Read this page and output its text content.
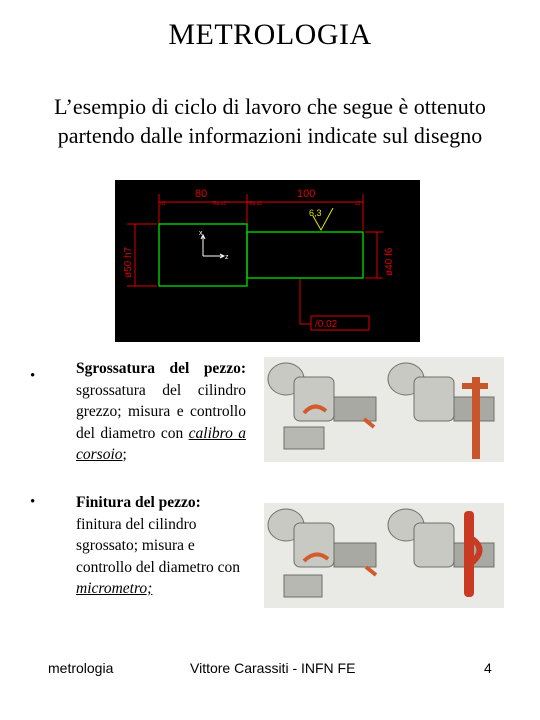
METROLOGIA
L’esempio di ciclo di lavoro che segue è ottenuto partendo dalle informazioni indicate sul disegno
x
z
6,3
80	100
a1	Ra a1	Ra a1	a1
ø50 h7	ø40 f6
/0.02
•	Sgrossatura del pezzo: sgrossatura del cilindro grezzo; misura e controllo del diametro con calibro a corsoio;
•	Finitura del pezzo:
finitura del cilindro sgrossato; misura e controllo del diametro con micrometro;
metrologia	Vittore Carassiti - INFN FE	4
